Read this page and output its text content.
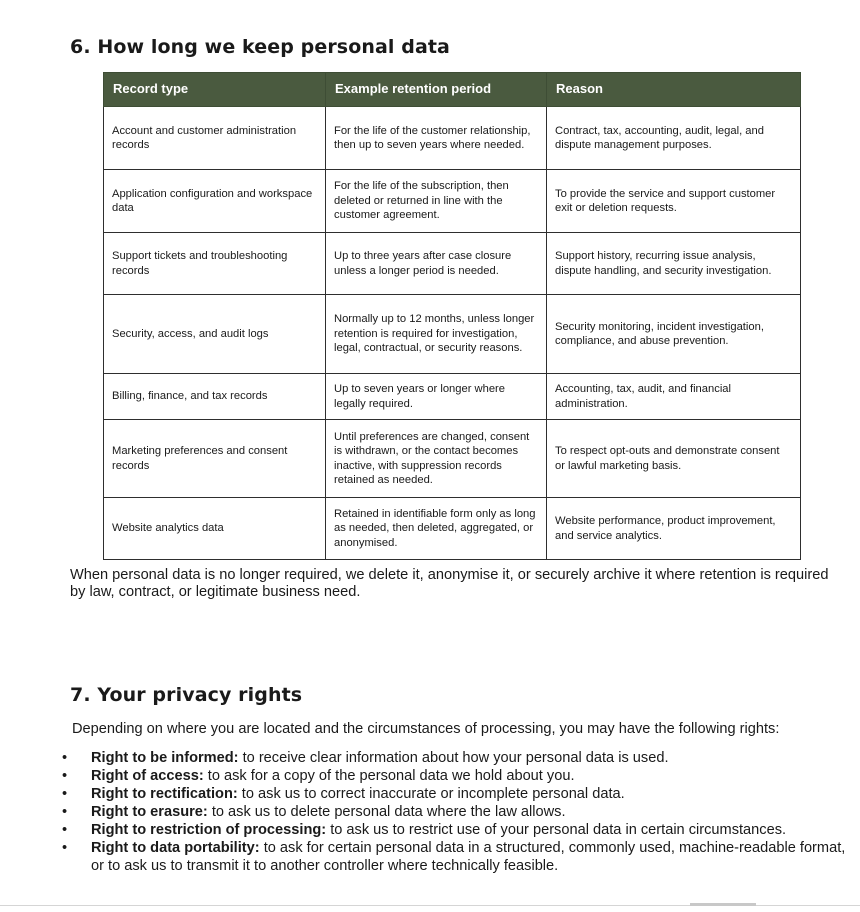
6. How long we keep personal data
Record type	Example retention period	Reason
Account and customer administration records	For the life of the customer relationship, then up to seven years where needed.	Contract, tax, accounting, audit, legal, and dispute management purposes.
Application configuration and workspace data	For the life of the subscription, then deleted or returned in line with the customer agreement.	To provide the service and support customer exit or deletion requests.
Support tickets and troubleshooting records	Up to three years after case closure unless a longer period is needed.	Support history, recurring issue analysis, dispute handling, and security investigation.
Security, access, and audit logs	Normally up to 12 months, unless longer retention is required for investigation, legal, contractual, or security reasons.	Security monitoring, incident investigation, compliance, and abuse prevention.
Billing, finance, and tax records	Up to seven years or longer where legally required.	Accounting, tax, audit, and financial administration.
Marketing preferences and consent records	Until preferences are changed, consent is withdrawn, or the contact becomes inactive, with suppression records retained as needed.	To respect opt-outs and demonstrate consent or lawful marketing basis.
Website analytics data	Retained in identifiable form only as long as needed, then deleted, aggregated, or anonymised.	Website performance, product improvement, and service analytics.

When personal data is no longer required, we delete it, anonymise it, or securely archive it where retention is required by law, contract, or legitimate business need.

7. Your privacy rights

Depending on where you are located and the circumstances of processing, you may have the following rights:

• Right to be informed: to receive clear information about how your personal data is used.
• Right of access: to ask for a copy of the personal data we hold about you.
• Right to rectification: to ask us to correct inaccurate or incomplete personal data.
• Right to erasure: to ask us to delete personal data where the law allows.
• Right to restriction of processing: to ask us to restrict use of your personal data in certain circumstances.
• Right to data portability: to ask for certain personal data in a structured, commonly used, machine-readable format, or to ask us to transmit it to another controller where technically feasible.
